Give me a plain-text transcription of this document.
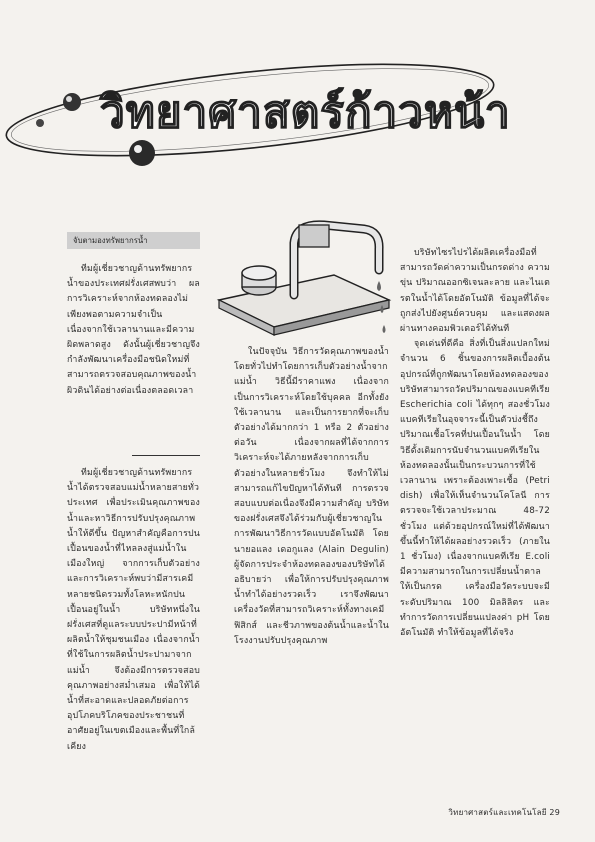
วิทยาศาสตร์ก้าวหน้า
จับตามองทรัพยากรน้ำ

ทีมผู้เชี่ยวชาญด้านทรัพยากรน้ำของประเทศฝรั่งเศสพบว่า ผลการวิเคราะห์จากห้องทดลองไม่เพียงพอตามความจำเป็น เนื่องจากใช้เวลานานและมีความผิดพลาดสูง ดังนั้นผู้เชี่ยวชาญจึงกำลังพัฒนาเครื่องมือชนิดใหม่ที่สามารถตรวจสอบคุณภาพของน้ำผิวดินได้อย่างต่อเนื่องตลอดเวลา

ทีมผู้เชี่ยวชาญด้านทรัพยากรน้ำได้ตรวจสอบแม่น้ำหลายสายทั่วประเทศ เพื่อประเมินคุณภาพของน้ำและหาวิธีการปรับปรุงคุณภาพน้ำให้ดีขึ้น ปัญหาสำคัญคือการปนเปื้อนของน้ำที่ไหลลงสู่แม่น้ำในเมืองใหญ่ จากการเก็บตัวอย่างและการวิเคราะห์พบว่ามีสารเคมีหลายชนิดรวมทั้งโลหะหนักปนเปื้อนอยู่ในน้ำ บริษัทหนึ่งในฝรั่งเศสที่ดูแลระบบประปามีหน้าที่ผลิตน้ำให้ชุมชนเมือง เนื่องจากน้ำที่ใช้ในการผลิตน้ำประปามาจากแม่น้ำ จึงต้องมีการตรวจสอบคุณภาพอย่างสม่ำเสมอ เพื่อให้ได้น้ำที่สะอาดและปลอดภัยต่อการอุปโภคบริโภคของประชาชนที่อาศัยอยู่ในเขตเมืองและพื้นที่ใกล้เคียง

ในปัจจุบัน วิธีการวัดคุณภาพของน้ำโดยทั่วไปทำโดยการเก็บตัวอย่างน้ำจากแม่น้ำ วิธีนี้มีราคาแพง เนื่องจากเป็นการวิเคราะห์โดยใช้บุคคล อีกทั้งยังใช้เวลานาน และเป็นการยากที่จะเก็บตัวอย่างได้มากกว่า 1 หรือ 2 ตัวอย่างต่อวัน เนื่องจากผลที่ได้จากการวิเคราะห์จะได้ภายหลังจากการเก็บตัวอย่างในหลายชั่วโมง จึงทำให้ไม่สามารถแก้ไขปัญหาได้ทันที การตรวจสอบแบบต่อเนื่องจึงมีความสำคัญ บริษัทของฝรั่งเศสจึงได้ร่วมกับผู้เชี่ยวชาญในการพัฒนาวิธีการวัดแบบอัตโนมัติ โดยนายอแลง เดอกูแลง (Alain Degulin) ผู้จัดการประจำห้องทดลองของบริษัทได้อธิบายว่า เพื่อให้การปรับปรุงคุณภาพน้ำทำได้อย่างรวดเร็ว เราจึงพัฒนาเครื่องวัดที่สามารถวิเคราะห์ทั้งทางเคมี ฟิสิกส์ และชีวภาพของต้นน้ำและน้ำในโรงงานปรับปรุงคุณภาพ

บริษัทไซรไปรได้ผลิตเครื่องมือที่สามารถวัดค่าความเป็นกรดด่าง ความขุ่น ปริมาณออกซิเจนละลาย และไนเตรตในน้ำได้โดยอัตโนมัติ ข้อมูลที่ได้จะถูกส่งไปยังศูนย์ควบคุม และแสดงผลผ่านทางคอมพิวเตอร์ได้ทันที

จุดเด่นที่ดีคือ สิ่งที่เป็นสิ่งแปลกใหม่ จำนวน 6 ชิ้นของการผลิตเบื้องต้น อุปกรณ์ที่ถูกพัฒนาโดยห้องทดลองของบริษัทสามารถวัดปริมาณของแบคทีเรีย Escherichia coli ได้ทุกๆ สองชั่วโมง แบคทีเรียในอุจจาระนี้เป็นตัวบ่งชี้ถึงปริมาณเชื้อโรคที่ปนเปื้อนในน้ำ โดยวิธีดั้งเดิมการนับจำนวนแบคทีเรียในห้องทดลองนั้นเป็นกระบวนการที่ใช้เวลานาน เพราะต้องเพาะเชื้อ (Petri dish) เพื่อให้เห็นจำนวนโคโลนี การตรวจจะใช้เวลาประมาณ 48-72 ชั่วโมง แต่ด้วยอุปกรณ์ใหม่ที่ได้พัฒนาขึ้นนี้ทำให้ได้ผลอย่างรวดเร็ว (ภายใน 1 ชั่วโมง) เนื่องจากแบคทีเรีย E.coli มีความสามารถในการเปลี่ยนน้ำตาลให้เป็นกรด เครื่องมือวัดระบบจะมีระดับปริมาณ 100 มิลลิลิตร และทำการวัดการเปลี่ยนแปลงค่า pH โดยอัตโนมัติ ทำให้ข้อมูลที่ได้จริง

วิทยาศาสตร์และเทคโนโลยี 29
